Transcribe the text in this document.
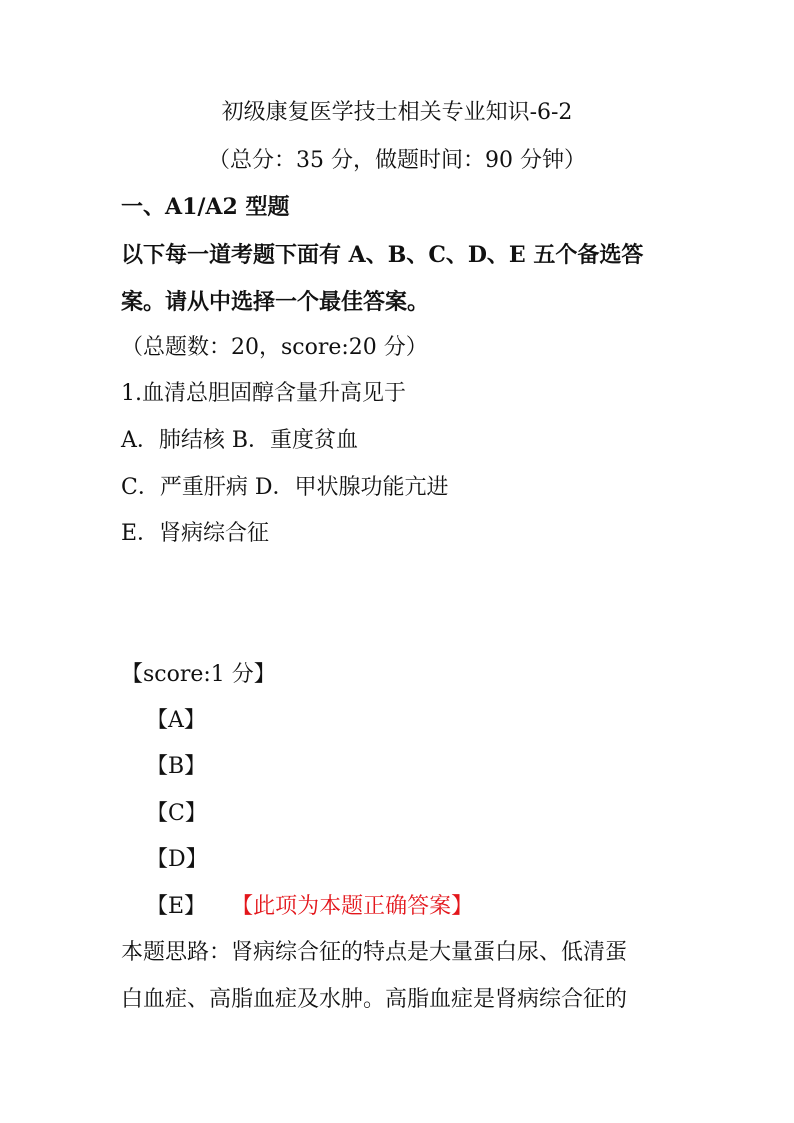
初级康复医学技士相关专业知识-6-2
（总分：35 分，做题时间：90 分钟）
一、A1/A2 型题
以下每一道考题下面有 A、B、C、D、E 五个备选答
案。请从中选择一个最佳答案。
（总题数：20，score:20 分）
1.血清总胆固醇含量升高见于
A．肺结核 B．重度贫血
C．严重肝病 D．甲状腺功能亢进
E．肾病综合征
【score:1 分】
【A】
【B】
【C】
【D】
【E】 【此项为本题正确答案】
本题思路：肾病综合征的特点是大量蛋白尿、低清蛋
白血症、高脂血症及水肿。高脂血症是肾病综合征的
